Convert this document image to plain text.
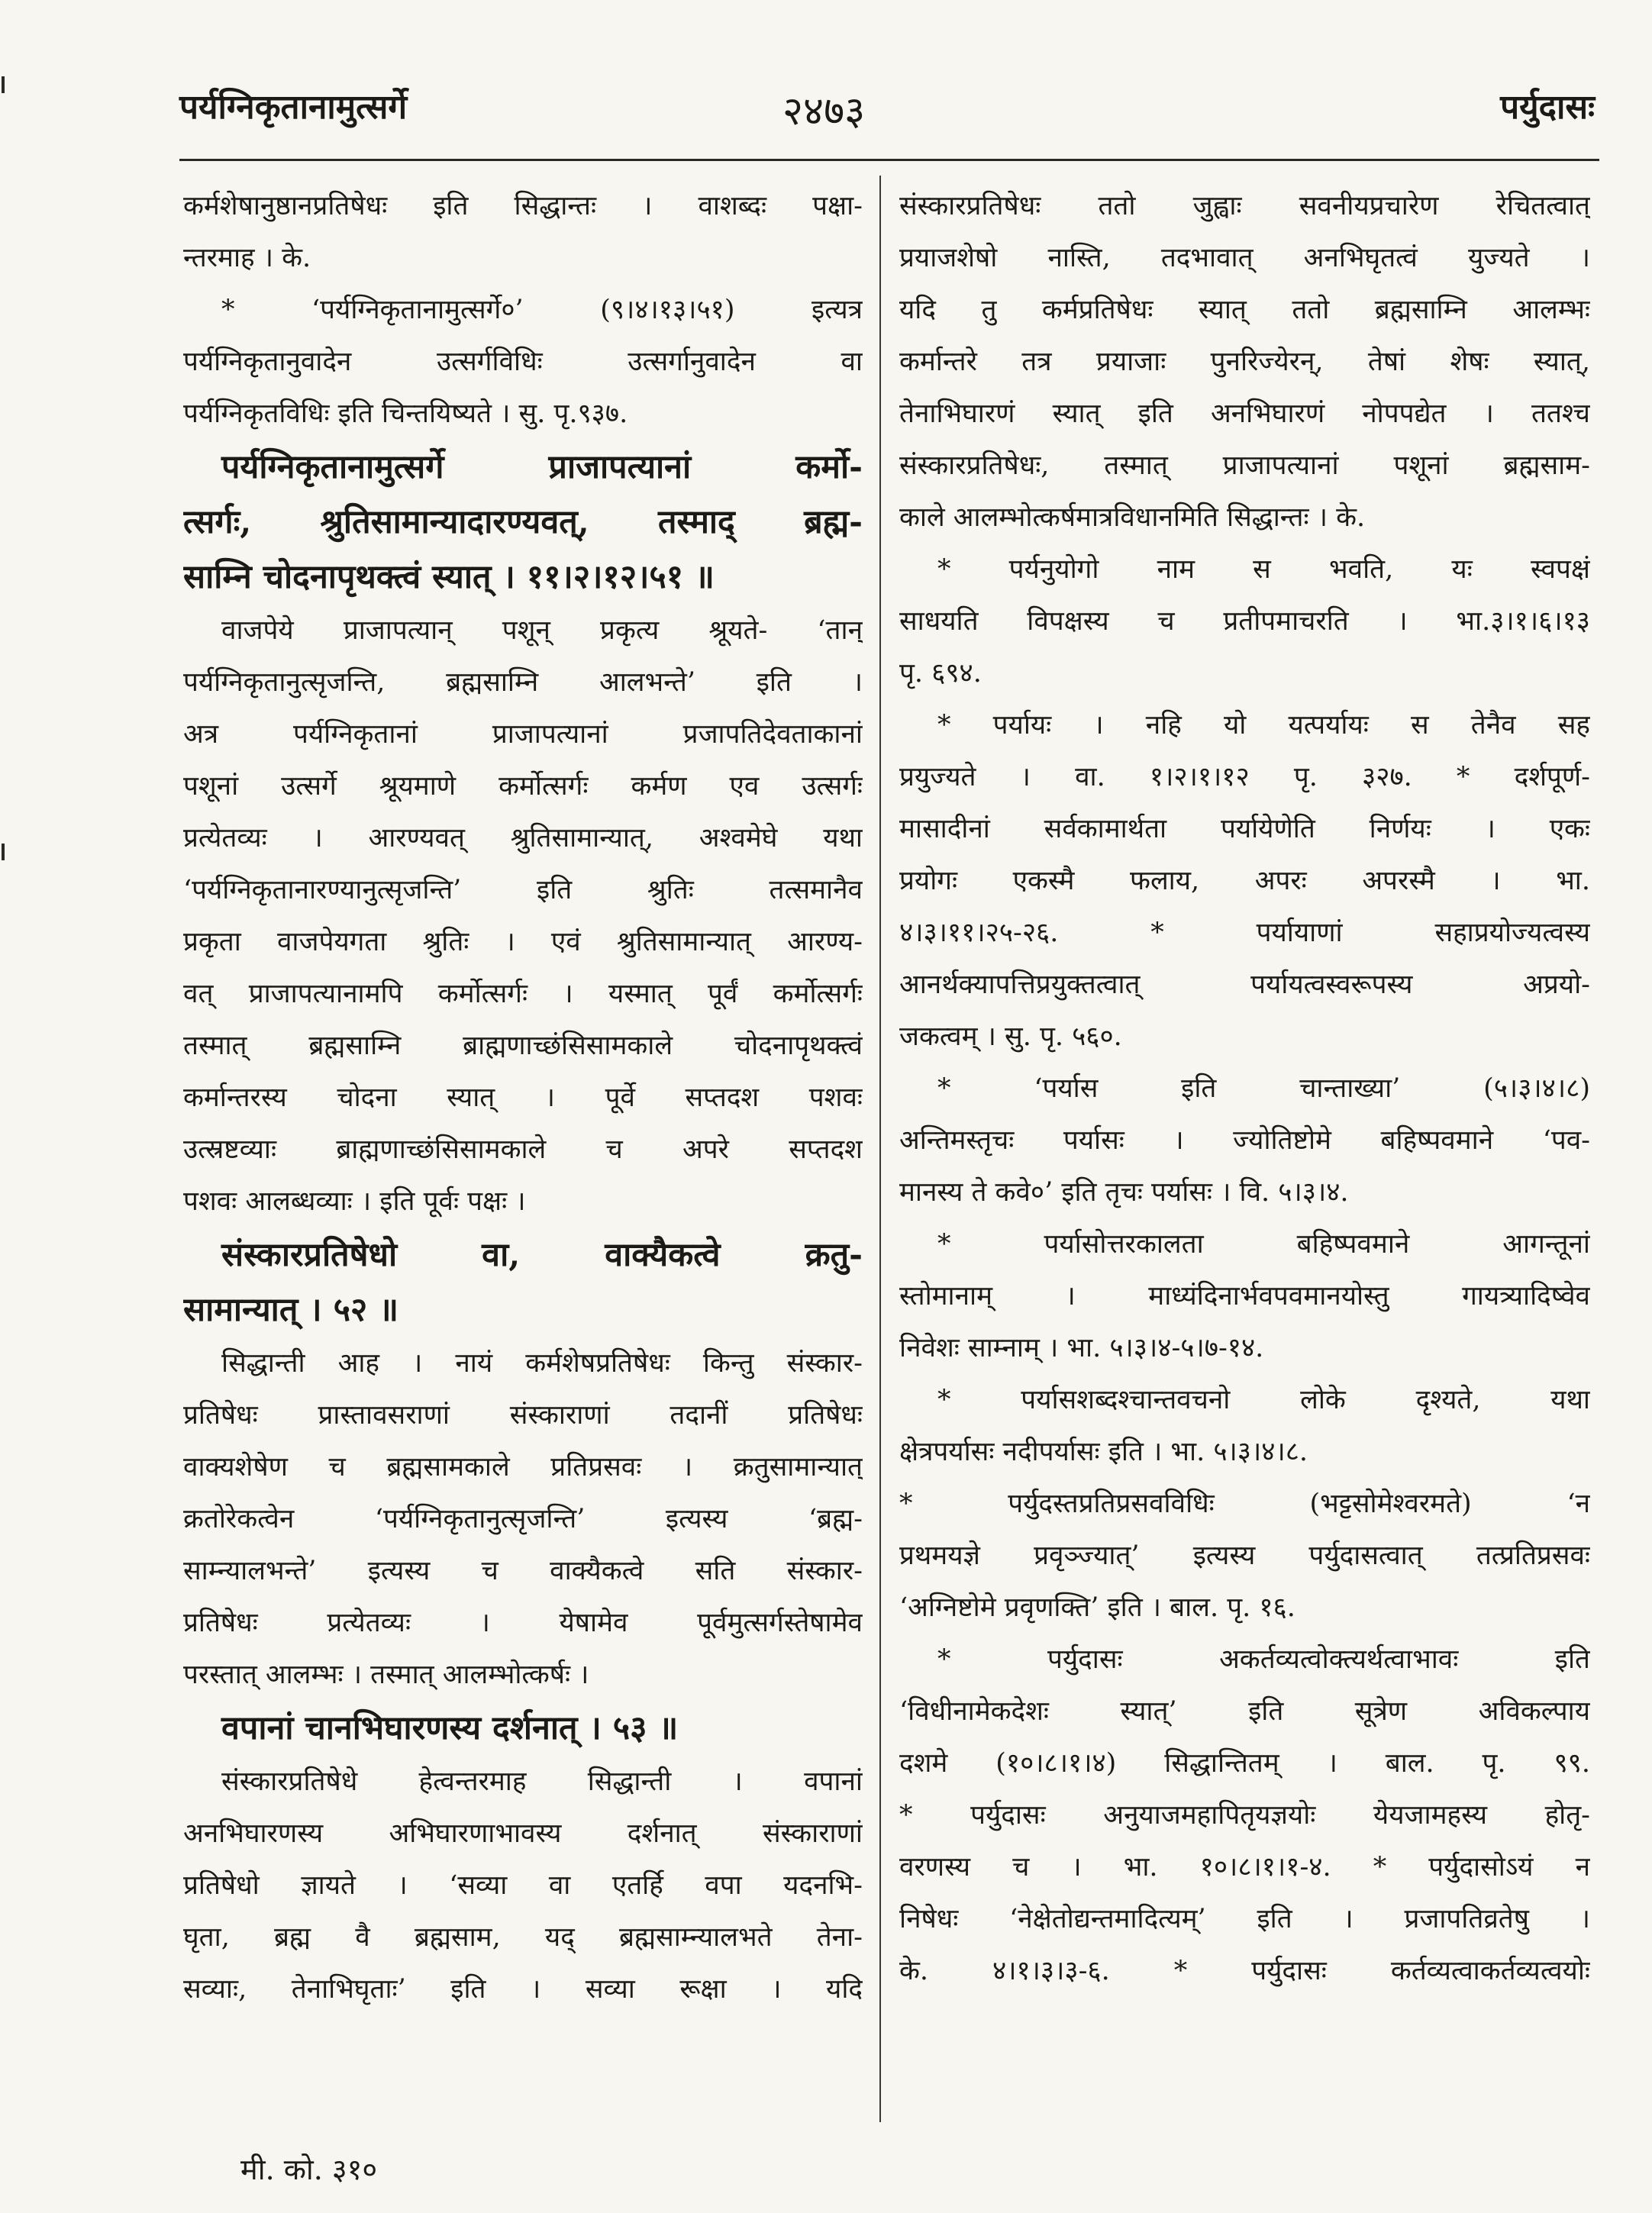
पर्यग्निकृतानामुत्सर्गे	२४७३	पर्युदासः
कर्मशेषानुष्ठानप्रतिषेधः इति सिद्धान्तः । वाशब्दः पक्षा-
न्तरमाह । के.
* ‘पर्यग्निकृतानामुत्सर्गे०’ (९।४।१३।५१) इत्यत्र
पर्यग्निकृतानुवादेन उत्सर्गविधिः उत्सर्गानुवादेन वा
पर्यग्निकृतविधिः इति चिन्तयिष्यते । सु. पृ.९३७.
पर्यग्निकृतानामुत्सर्गे प्राजापत्यानां कर्मो-
त्सर्गः, श्रुतिसामान्यादारण्यवत्, तस्माद् ब्रह्म-
साम्नि चोदनापृथक्त्वं स्यात् । ११।२।१२।५१ ॥
वाजपेये प्राजापत्यान् पशून् प्रकृत्य श्रूयते- ‘तान्
पर्यग्निकृतानुत्सृजन्ति, ब्रह्मसाम्नि आलभन्ते’ इति ।
अत्र पर्यग्निकृतानां प्राजापत्यानां प्रजापतिदेवताकानां
पशूनां उत्सर्गे श्रूयमाणे कर्मोत्सर्गः कर्मण एव उत्सर्गः
प्रत्येतव्यः । आरण्यवत् श्रुतिसामान्यात्, अश्वमेघे यथा
‘पर्यग्निकृतानारण्यानुत्सृजन्ति’ इति श्रुतिः तत्समानैव
प्रकृता वाजपेयगता श्रुतिः । एवं श्रुतिसामान्यात् आरण्य-
वत् प्राजापत्यानामपि कर्मोत्सर्गः । यस्मात् पूर्वं कर्मोत्सर्गः
तस्मात् ब्रह्मसाम्नि ब्राह्मणाच्छंसिसामकाले चोदनापृथक्त्वं
कर्मान्तरस्य चोदना स्यात् । पूर्वे सप्तदश पशवः
उत्स्रष्टव्याः ब्राह्मणाच्छंसिसामकाले च अपरे सप्तदश
पशवः आलब्धव्याः । इति पूर्वः पक्षः ।
संस्कारप्रतिषेधो वा, वाक्यैकत्वे क्रतु-
सामान्यात् । ५२ ॥
सिद्धान्ती आह । नायं कर्मशेषप्रतिषेधः किन्तु संस्कार-
प्रतिषेधः प्रास्तावसराणां संस्काराणां तदानीं प्रतिषेधः
वाक्यशेषेण च ब्रह्मसामकाले प्रतिप्रसवः । क्रतुसामान्यात्
क्रतोरेकत्वेन ‘पर्यग्निकृतानुत्सृजन्ति’ इत्यस्य ‘ब्रह्म-
साम्न्यालभन्ते’ इत्यस्य च वाक्यैकत्वे सति संस्कार-
प्रतिषेधः प्रत्येतव्यः । येषामेव पूर्वमुत्सर्गस्तेषामेव
परस्तात् आलम्भः । तस्मात् आलम्भोत्कर्षः ।
वपानां चानभिघारणस्य दर्शनात् । ५३ ॥
संस्कारप्रतिषेधे हेत्वन्तरमाह सिद्धान्ती । वपानां
अनभिघारणस्य अभिघारणाभावस्य दर्शनात् संस्काराणां
प्रतिषेधो ज्ञायते । ‘सव्या वा एतर्हि वपा यदनभि-
घृता, ब्रह्म वै ब्रह्मसाम, यद् ब्रह्मसाम्न्यालभते तेना-
सव्याः, तेनाभिघृताः’ इति । सव्या रूक्षा । यदि
संस्कारप्रतिषेधः ततो जुह्वाः सवनीयप्रचारेण रेचितत्वात्
प्रयाजशेषो नास्ति, तदभावात् अनभिघृतत्वं युज्यते ।
यदि तु कर्मप्रतिषेधः स्यात् ततो ब्रह्मसाम्नि आलम्भः
कर्मान्तरे तत्र प्रयाजाः पुनरिज्येरन्, तेषां शेषः स्यात्,
तेनाभिघारणं स्यात् इति अनभिघारणं नोपपद्येत । ततश्च
संस्कारप्रतिषेधः, तस्मात् प्राजापत्यानां पशूनां ब्रह्मसाम-
काले आलम्भोत्कर्षमात्रविधानमिति सिद्धान्तः । के.
* पर्यनुयोगो नाम स भवति, यः स्वपक्षं
साधयति विपक्षस्य च प्रतीपमाचरति । भा.३।१।६।१३
पृ. ६९४.
* पर्यायः । नहि यो यत्पर्यायः स तेनैव सह
प्रयुज्यते । वा. १।२।१।१२ पृ. ३२७. * दर्शपूर्ण-
मासादीनां सर्वकामार्थता पर्यायेणेति निर्णयः । एकः
प्रयोगः एकस्मै फलाय, अपरः अपरस्मै । भा.
४।३।११।२५-२६. * पर्यायाणां सहाप्रयोज्यत्वस्य
आनर्थक्यापत्तिप्रयुक्तत्वात् पर्यायत्वस्वरूपस्य अप्रयो-
जकत्वम् । सु. पृ. ५६०.
* ‘पर्यास इति चान्ताख्या’ (५।३।४।८)
अन्तिमस्तृचः पर्यासः । ज्योतिष्टोमे बहिष्पवमाने ‘पव-
मानस्य ते कवे०’ इति तृचः पर्यासः । वि. ५।३।४.
* पर्यासोत्तरकालता बहिष्पवमाने आगन्तूनां
स्तोमानाम् । माध्यंदिनार्भवपवमानयोस्तु गायत्र्यादिष्वेव
निवेशः साम्नाम् । भा. ५।३।४-५।७-१४.
* पर्यासशब्दश्चान्तवचनो लोके दृश्यते, यथा
क्षेत्रपर्यासः नदीपर्यासः इति । भा. ५।३।४।८.
* पर्युदस्तप्रतिप्रसवविधिः (भट्टसोमेश्वरमते) ‘न
प्रथमयज्ञे प्रवृञ्ज्यात्’ इत्यस्य पर्युदासत्वात् तत्प्रतिप्रसवः
‘अग्निष्टोमे प्रवृणक्ति’ इति । बाल. पृ. १६.
* पर्युदासः अकर्तव्यत्वोक्त्यर्थत्वाभावः इति
‘विधीनामेकदेशः स्यात्’ इति सूत्रेण अविकल्पाय
दशमे (१०।८।१।४) सिद्धान्तितम् । बाल. पृ. ९९.
* पर्युदासः अनुयाजमहापितृयज्ञयोः येयजामहस्य होतृ-
वरणस्य च । भा. १०।८।१।१-४. * पर्युदासोऽयं न
निषेधः ‘नेक्षेतोद्यन्तमादित्यम्’ इति । प्रजापतिव्रतेषु ।
के. ४।१।३।३-६. * पर्युदासः कर्तव्यत्वाकर्तव्यत्वयोः
मी. को. ३१०
